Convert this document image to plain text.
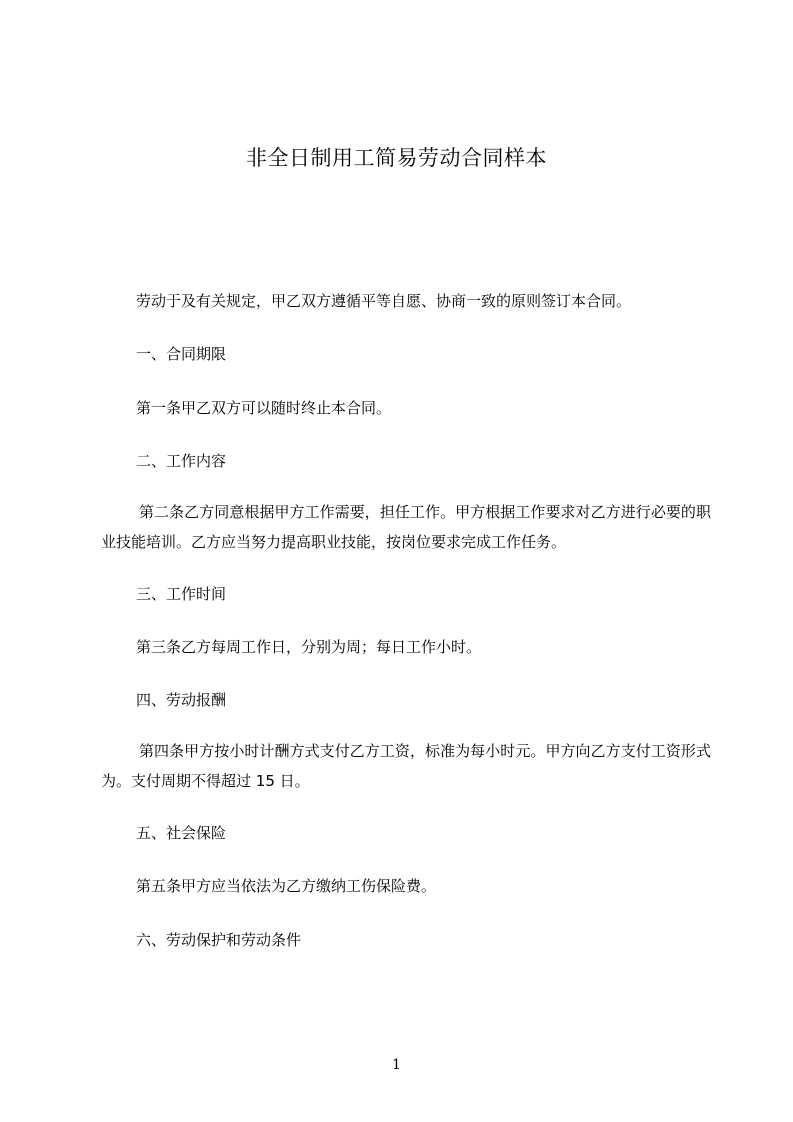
非全日制用工简易劳动合同样本
劳动于及有关规定，甲乙双方遵循平等自愿、协商一致的原则签订本合同。
一、合同期限
第一条甲乙双方可以随时终止本合同。
二、工作内容
第二条乙方同意根据甲方工作需要，担任工作。甲方根据工作要求对乙方进行必要的职业技能培训。乙方应当努力提高职业技能，按岗位要求完成工作任务。
三、工作时间
第三条乙方每周工作日，分别为周；每日工作小时。
四、劳动报酬
第四条甲方按小时计酬方式支付乙方工资，标准为每小时元。甲方向乙方支付工资形式为。支付周期不得超过 15 日。
五、社会保险
第五条甲方应当依法为乙方缴纳工伤保险费。
六、劳动保护和劳动条件
1
